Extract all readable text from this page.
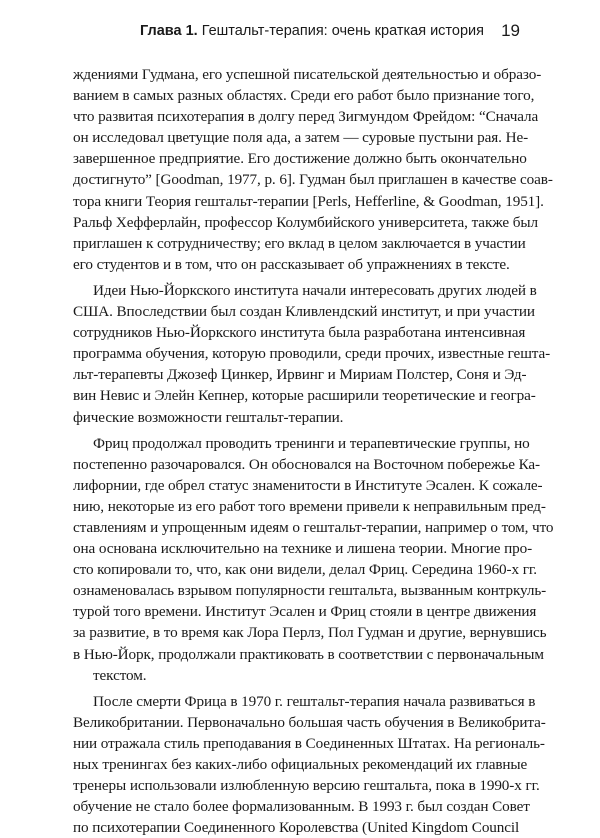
Глава 1. Гештальт-терапия: очень краткая история 19
ждениями Гудмана, его успешной писательской деятельностью и образо-
ванием в самых разных областях. Среди его работ было признание того,
что развитая психотерапия в долгу перед Зигмундом Фрейдом: “Сначала
он исследовал цветущие поля ада, а затем — суровые пустыни рая. Не-
завершенное предприятие. Его достижение должно быть окончательно
достигнуто” [Goodman, 1977, p. 6]. Гудман был приглашен в качестве соав-
тора книги Теория гештальт-терапии [Perls, Hefferline, & Goodman, 1951].
Ральф Хефферлайн, профессор Колумбийского университета, также был
приглашен к сотрудничеству; его вклад в целом заключается в участии
его студентов и в том, что он рассказывает об упражнениях в тексте.
Идеи Нью-Йоркского института начали интересовать других людей в
США. Впоследствии был создан Кливлендский институт, и при участии
сотрудников Нью-Йоркского института была разработана интенсивная
программа обучения, которую проводили, среди прочих, известные гешта-
льт-терапевты Джозеф Цинкер, Ирвинг и Мириам Полстер, Соня и Эд-
вин Невис и Элейн Кепнер, которые расширили теоретические и геогра-
фические возможности гештальт-терапии.
Фриц продолжал проводить тренинги и терапевтические группы, но
постепенно разочаровался. Он обосновался на Восточном побережье Ка-
лифорнии, где обрел статус знаменитости в Институте Эсален. К сожале-
нию, некоторые из его работ того времени привели к неправильным пред-
ставлениям и упрощенным идеям о гештальт-терапии, например о том, что
она основана исключительно на технике и лишена теории. Многие про-
сто копировали то, что, как они видели, делал Фриц. Середина 1960-х гг.
ознаменовалась взрывом популярности гештальта, вызванным контркуль-
турой того времени. Институт Эсален и Фриц стояли в центре движения
за развитие, в то время как Лора Перлз, Пол Гудман и другие, вернувшись
в Нью-Йорк, продолжали практиковать в соответствии с первоначальным
текстом.
После смерти Фрица в 1970 г. гештальт-терапия начала развиваться в
Великобритании. Первоначально большая часть обучения в Великобрита-
нии отражала стиль преподавания в Соединенных Штатах. На региональ-
ных тренингах без каких-либо официальных рекомендаций их главные
тренеры использовали излюбленную версию гештальта, пока в 1990-х гг.
обучение не стало более формализованным. В 1993 г. был создан Совет
по психотерапии Соединенного Королевства (United Kingdom Council
